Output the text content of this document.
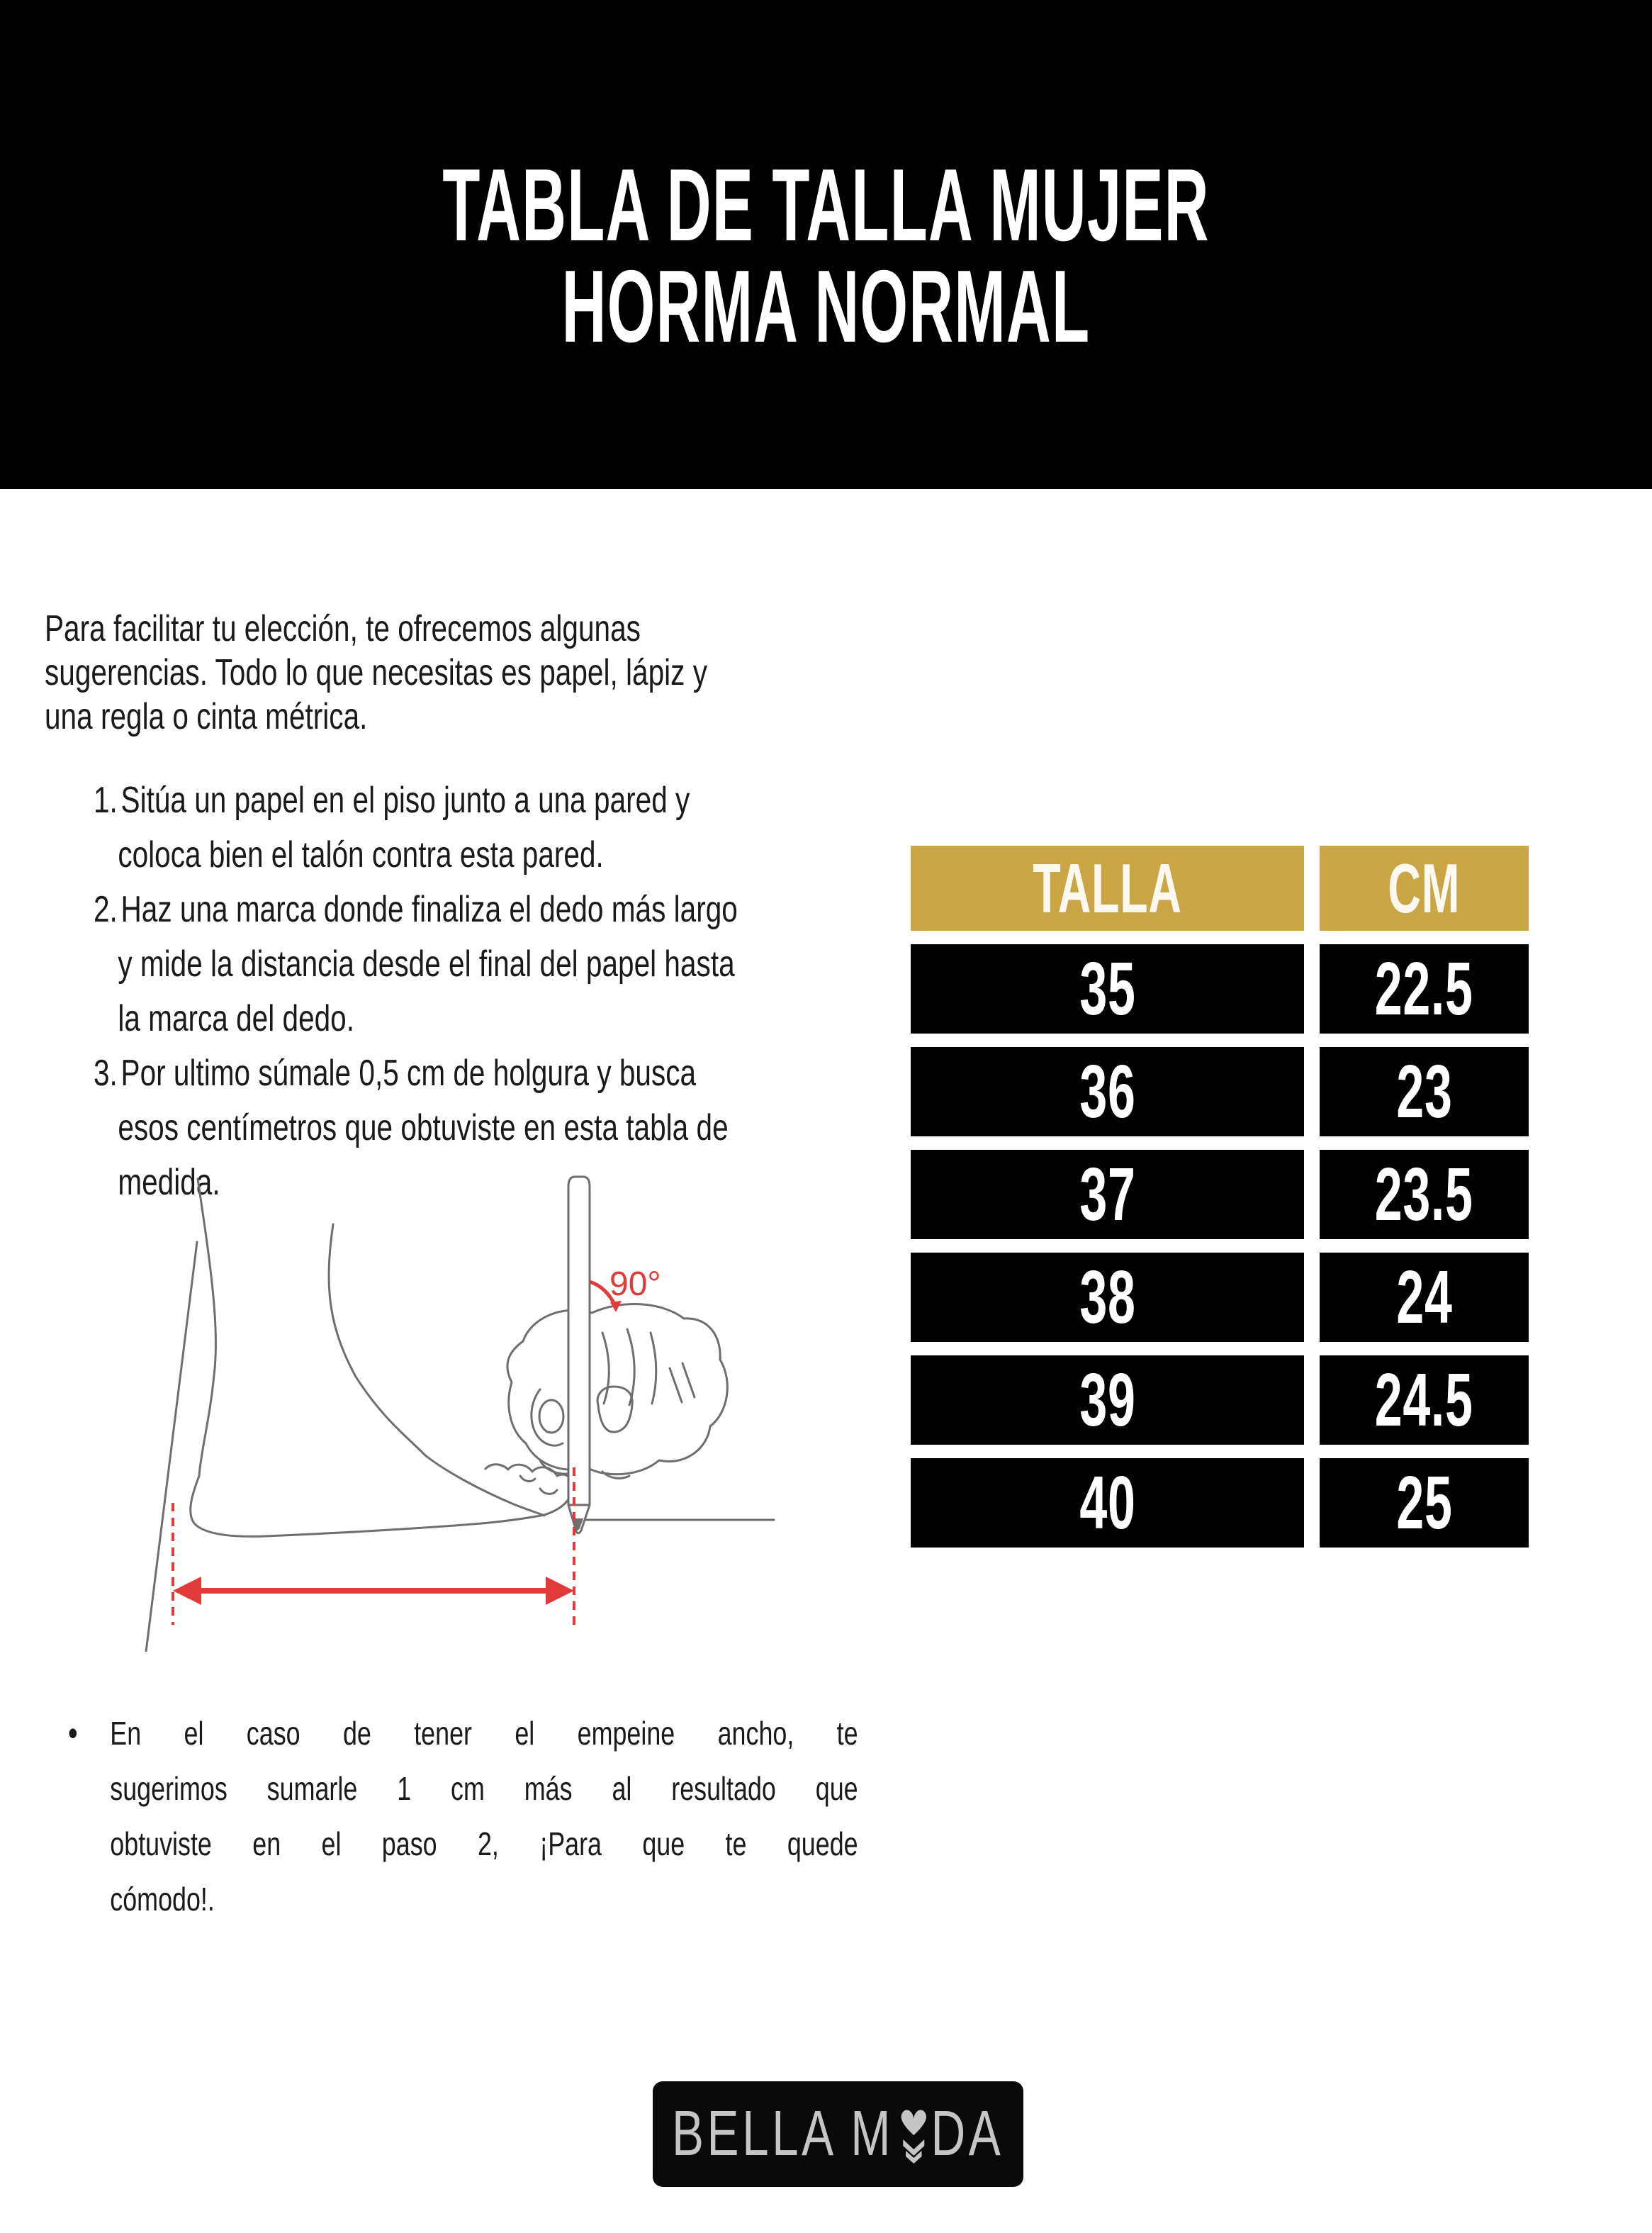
TABLA DE TALLA MUJER
HORMA NORMAL
Para facilitar tu elección, te ofrecemos algunas
sugerencias. Todo lo que necesitas es papel, lápiz y
una regla o cinta métrica.
1.Sitúa un papel en el piso junto a una pared y
coloca bien el talón contra esta pared.
2.Haz una marca donde finaliza el dedo más largo
y mide la distancia desde el final del papel hasta
la marca del dedo.
3.Por ultimo súmale 0,5 cm de holgura y busca
esos centímetros que obtuviste en esta tabla de
medida.
TALLA	CM
35	22.5
36	23
37	23.5
38	24
39	24.5
40	25
90°
• En el caso de tener el empeine ancho, te
sugerimos sumarle 1 cm más al resultado que
obtuviste en el paso 2, ¡Para que te quede
cómodo!.
BELLA M DA
